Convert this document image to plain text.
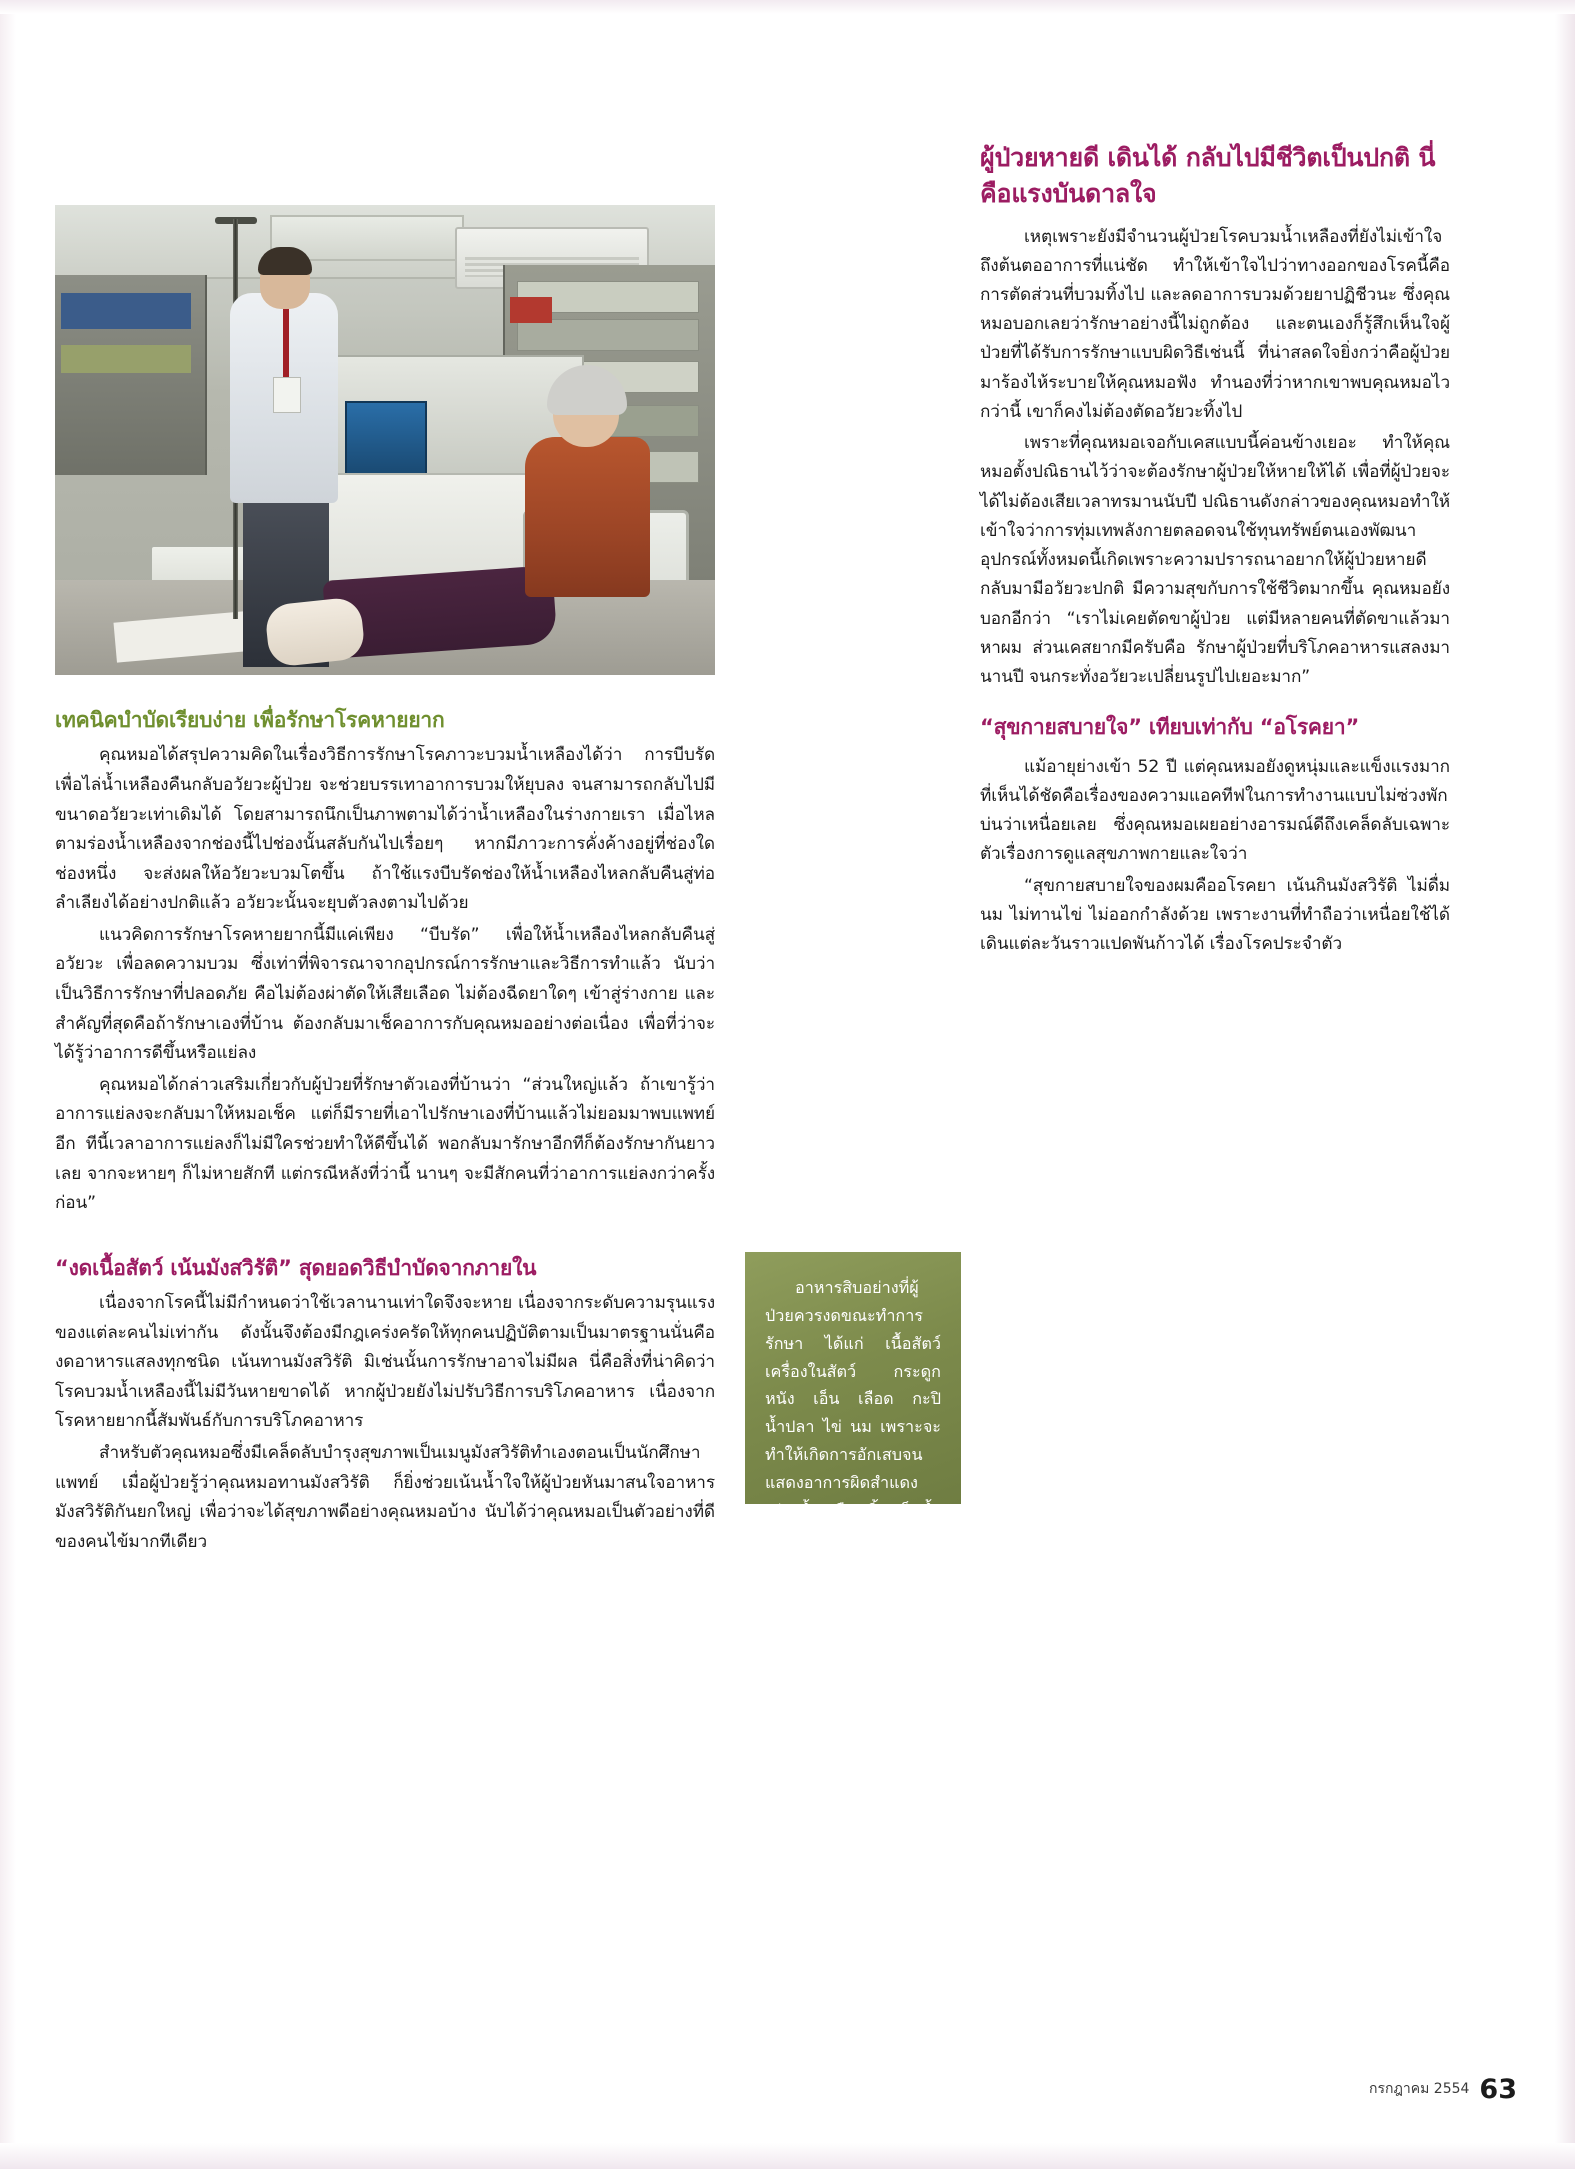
เทคนิคบำบัดเรียบง่าย เพื่อรักษาโรคหายยาก

คุณหมอได้สรุปความคิดในเรื่องวิธีการรักษาโรคภาวะบวมน้ำเหลืองได้ว่า การบีบรัดเพื่อไล่น้ำเหลืองคืนกลับอวัยวะผู้ป่วย จะช่วยบรรเทาอาการบวมให้ยุบลง จนสามารถกลับไปมีขนาดอวัยวะเท่าเดิมได้ โดยสามารถนึกเป็นภาพตามได้ว่าน้ำเหลืองในร่างกายเรา เมื่อไหลตามร่องน้ำเหลืองจากช่องนี้ไปช่องนั้นสลับกันไปเรื่อยๆ หากมีภาวะการคั่งค้างอยู่ที่ช่องใดช่องหนึ่ง จะส่งผลให้อวัยวะบวมโตขึ้น ถ้าใช้แรงบีบรัดช่องให้น้ำเหลืองไหลกลับคืนสู่ท่อลำเลียงได้อย่างปกติแล้ว อวัยวะนั้นจะยุบตัวลงตามไปด้วย

แนวคิดการรักษาโรคหายยากนี้มีแค่เพียง “บีบรัด” เพื่อให้น้ำเหลืองไหลกลับคืนสู่อวัยวะ เพื่อลดความบวม ซึ่งเท่าที่พิจารณาจากอุปกรณ์การรักษาและวิธีการทำแล้ว นับว่าเป็นวิธีการรักษาที่ปลอดภัย คือไม่ต้องผ่าตัดให้เสียเลือด ไม่ต้องฉีดยาใดๆ เข้าสู่ร่างกาย และสำคัญที่สุดคือถ้ารักษาเองที่บ้าน ต้องกลับมาเช็คอาการกับคุณหมออย่างต่อเนื่อง เพื่อที่ว่าจะได้รู้ว่าอาการดีขึ้นหรือแย่ลง

คุณหมอได้กล่าวเสริมเกี่ยวกับผู้ป่วยที่รักษาตัวเองที่บ้านว่า “ส่วนใหญ่แล้ว ถ้าเขารู้ว่าอาการแย่ลงจะกลับมาให้หมอเช็ค แต่ก็มีรายที่เอาไปรักษาเองที่บ้านแล้วไม่ยอมมาพบแพทย์อีก ทีนี้เวลาอาการแย่ลงก็ไม่มีใครช่วยทำให้ดีขึ้นได้ พอกลับมารักษาอีกทีก็ต้องรักษากันยาวเลย จากจะหายๆ ก็ไม่หายสักที แต่กรณีหลังที่ว่านี้ นานๆ จะมีสักคนที่ว่าอาการแย่ลงกว่าครั้งก่อน”

“งดเนื้อสัตว์ เน้นมังสวิรัติ” สุดยอดวิธีบำบัดจากภายใน

เนื่องจากโรคนี้ไม่มีกำหนดว่าใช้เวลานานเท่าใดจึงจะหาย เนื่องจากระดับความรุนแรงของแต่ละคนไม่เท่ากัน ดังนั้นจึงต้องมีกฎเคร่งครัดให้ทุกคนปฏิบัติตามเป็นมาตรฐานนั่นคือ งดอาหารแสลงทุกชนิด เน้นทานมังสวิรัติ มิเช่นนั้นการรักษาอาจไม่มีผล นี่คือสิ่งที่น่าคิดว่า โรคบวมน้ำเหลืองนี้ไม่มีวันหายขาดได้ หากผู้ป่วยยังไม่ปรับวิธีการบริโภคอาหาร เนื่องจากโรคหายยากนี้สัมพันธ์กับการบริโภคอาหาร

สำหรับตัวคุณหมอซึ่งมีเคล็ดลับบำรุงสุขภาพเป็นเมนูมังสวิรัติทำเองตอนเป็นนักศึกษาแพทย์ เมื่อผู้ป่วยรู้ว่าคุณหมอทานมังสวิรัติ ก็ยิ่งช่วยเน้นน้ำใจให้ผู้ป่วยหันมาสนใจอาหารมังสวิรัติกันยกใหญ่ เพื่อว่าจะได้สุขภาพดีอย่างคุณหมอบ้าง นับได้ว่าคุณหมอเป็นตัวอย่างที่ดีของคนไข้มากทีเดียว

อาหารสิบอย่างที่ผู้ป่วยควรงดขณะทำการรักษา ได้แก่ เนื้อสัตว์ เครื่องในสัตว์ กระดูก หนัง เอ็น เลือด กะปิ น้ำปลา ไข่ นม เพราะจะทำให้เกิดการอักเสบจนแสดงอาการผิดสำแดง เช่น น้ำเหลืองเยิ้ม เม็ดน้ำ คันยิบ ร้อนแดง บวม ปูด ข้ออักเสบ ขึ้นผื่น และฝี

ผู้ป่วยหายดี เดินได้ กลับไปมีชีวิตเป็นปกติ นี่คือแรงบันดาลใจ

เหตุเพราะยังมีจำนวนผู้ป่วยโรคบวมน้ำเหลืองที่ยังไม่เข้าใจถึงต้นตออาการที่แน่ชัด ทำให้เข้าใจไปว่าทางออกของโรคนี้คือ การตัดส่วนที่บวมทิ้งไป และลดอาการบวมด้วยยาปฏิชีวนะ ซึ่งคุณหมอบอกเลยว่ารักษาอย่างนี้ไม่ถูกต้อง และตนเองก็รู้สึกเห็นใจผู้ป่วยที่ได้รับการรักษาแบบผิดวิธีเช่นนี้ ที่น่าสลดใจยิ่งกว่าคือผู้ป่วยมาร้องไห้ระบายให้คุณหมอฟัง ทำนองที่ว่าหากเขาพบคุณหมอไวกว่านี้ เขาก็คงไม่ต้องตัดอวัยวะทิ้งไป

เพราะที่คุณหมอเจอกับเคสแบบนี้ค่อนข้างเยอะ ทำให้คุณหมอตั้งปณิธานไว้ว่าจะต้องรักษาผู้ป่วยให้หายให้ได้ เพื่อที่ผู้ป่วยจะได้ไม่ต้องเสียเวลาทรมานนับปี ปณิธานดังกล่าวของคุณหมอทำให้เข้าใจว่าการทุ่มเทพลังกายตลอดจนใช้ทุนทรัพย์ตนเองพัฒนาอุปกรณ์ทั้งหมดนี้เกิดเพราะความปรารถนาอยากให้ผู้ป่วยหายดี กลับมามีอวัยวะปกติ มีความสุขกับการใช้ชีวิตมากขึ้น คุณหมอยังบอกอีกว่า “เราไม่เคยตัดขาผู้ป่วย แต่มีหลายคนที่ตัดขาแล้วมาหาผม ส่วนเคสยากมีครับคือ รักษาผู้ป่วยที่บริโภคอาหารแสลงมานานปี จนกระทั่งอวัยวะเปลี่ยนรูปไปเยอะมาก”

“สุขกายสบายใจ” เทียบเท่ากับ “อโรคยา”

แม้อายุย่างเข้า 52 ปี แต่คุณหมอยังดูหนุ่มและแข็งแรงมาก ที่เห็นได้ชัดคือเรื่องของความแอคทีฟในการทำงานแบบไม่ซ่วงพัก บ่นว่าเหนื่อยเลย ซึ่งคุณหมอเผยอย่างอารมณ์ดีถึงเคล็ดลับเฉพาะตัวเรื่องการดูแลสุขภาพกายและใจว่า

“สุขกายสบายใจของผมคืออโรคยา เน้นกินมังสวิรัติ ไม่ดื่มนม ไม่ทานไข่ ไม่ออกกำลังด้วย เพราะงานที่ทำถือว่าเหนื่อยใช้ได้ เดินแต่ละวันราวแปดพันก้าวได้ เรื่องโรคประจำตัว

กรกฎาคม 2554 63
